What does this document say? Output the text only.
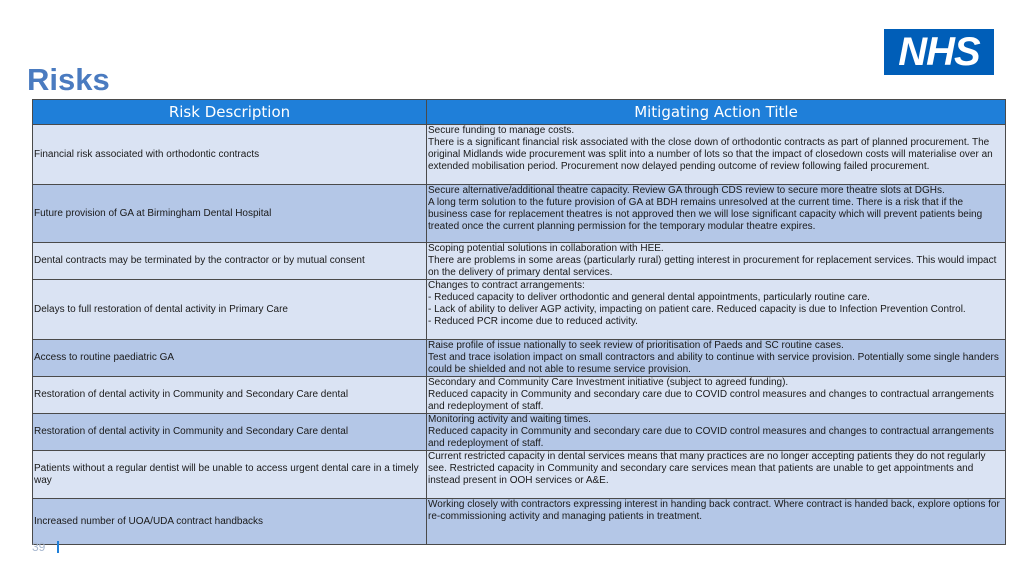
Risks
NHS
Risk Description	Mitigating Action Title
Financial risk associated with orthodontic contracts	Secure funding to manage costs.
There is a significant financial risk associated with the close down of orthodontic contracts as part of planned procurement. The original Midlands wide procurement was split into a number of lots so that the impact of closedown costs will materialise over an extended mobilisation period. Procurement now delayed pending outcome of review following failed procurement.
Future provision of GA at Birmingham Dental Hospital	Secure alternative/additional theatre capacity. Review GA through CDS review to secure more theatre slots at DGHs.
A long term solution to the future provision of GA at BDH remains unresolved at the current time. There is a risk that if the business case for replacement theatres is not approved then we will lose significant capacity which will prevent patients being treated once the current planning permission for the temporary modular theatre expires.
Dental contracts may be terminated by the contractor or by mutual consent	Scoping potential solutions in collaboration with HEE.
There are problems in some areas (particularly rural) getting interest in procurement for replacement services. This would impact on the delivery of primary dental services.
Delays to full restoration of dental activity in Primary Care	Changes to contract arrangements:
- Reduced capacity to deliver orthodontic and general dental appointments, particularly routine care.
- Lack of ability to deliver AGP activity, impacting on patient care. Reduced capacity is due to Infection Prevention Control.
- Reduced PCR income due to reduced activity.
Access to routine paediatric GA	Raise profile of issue nationally to seek review of prioritisation of Paeds and SC routine cases.
Test and trace isolation impact on small contractors and ability to continue with service provision. Potentially some single handers could be shielded and not able to resume service provision.
Restoration of dental activity in Community and Secondary Care dental	Secondary and Community Care Investment initiative (subject to agreed funding).
Reduced capacity in Community and secondary care due to COVID control measures and changes to contractual arrangements and redeployment of staff.
Restoration of dental activity in Community and Secondary Care dental	Monitoring activity and waiting times.
Reduced capacity in Community and secondary care due to COVID control measures and changes to contractual arrangements and redeployment of staff.
Patients without a regular dentist will be unable to access urgent dental care in a timely way	Current restricted capacity in dental services means that many practices are no longer accepting patients they do not regularly see. Restricted capacity in Community and secondary care services mean that patients are unable to get appointments and instead present in OOH services or A&E.
Increased number of UOA/UDA contract handbacks	Working closely with contractors expressing interest in handing back contract. Where contract is handed back, explore options for re-commissioning activity and managing patients in treatment.
39
